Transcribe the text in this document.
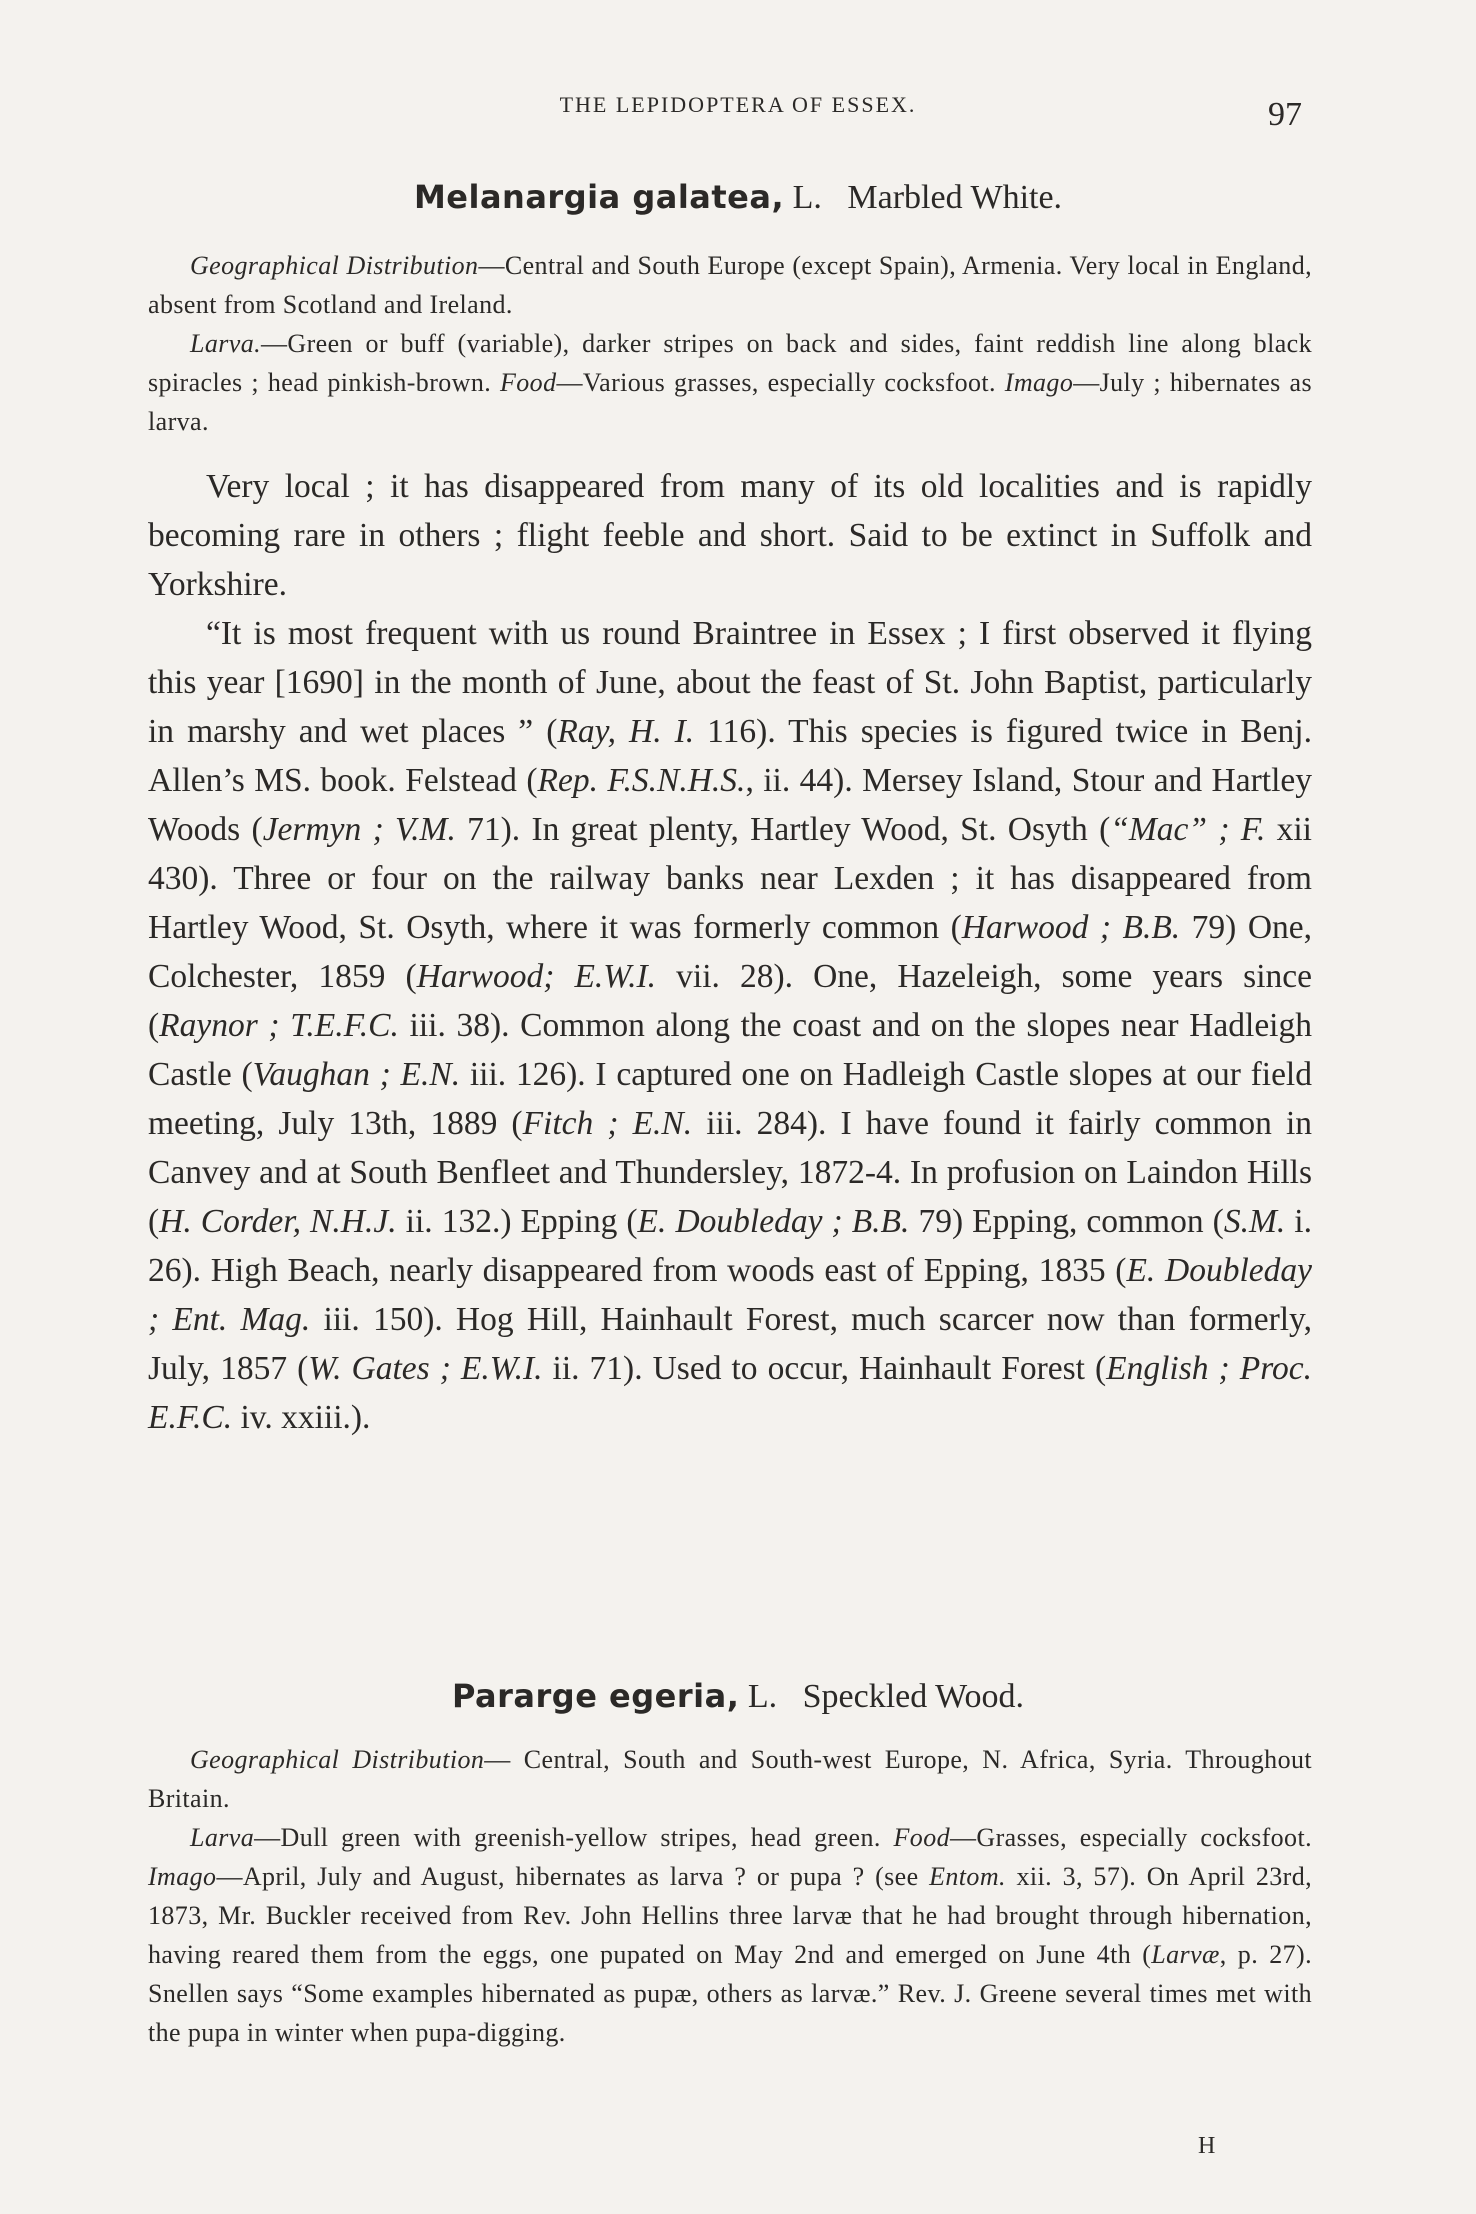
THE LEPIDOPTERA OF ESSEX.	97
Melanargia galatea, L. Marbled White.

Geographical Distribution—Central and South Europe (except Spain), Armenia. Very local in England, absent from Scotland and Ireland.

Larva.—Green or buff (variable), darker stripes on back and sides, faint reddish line along black spiracles ; head pinkish-brown. Food—Various grasses, especially cocksfoot. Imago—July ; hibernates as larva.

Very local ; it has disappeared from many of its old localities and is rapidly becoming rare in others ; flight feeble and short. Said to be extinct in Suffolk and Yorkshire.

“It is most frequent with us round Braintree in Essex ; I first observed it flying this year [1690] in the month of June, about the feast of St. John Baptist, particularly in marshy and wet places ” (Ray, H. I. 116). This species is figured twice in Benj. Allen’s MS. book. Felstead (Rep. F.S.N.H.S., ii. 44). Mersey Island, Stour and Hartley Woods (Jermyn ; V.M. 71). In great plenty, Hartley Wood, St. Osyth (“Mac” ; F. xii 430). Three or four on the railway banks near Lexden ; it has disappeared from Hartley Wood, St. Osyth, where it was formerly common (Harwood ; B.B. 79) One, Colchester, 1859 (Harwood; E.W.I. vii. 28). One, Hazeleigh, some years since (Raynor ; T.E.F.C. iii. 38). Common along the coast and on the slopes near Hadleigh Castle (Vaughan ; E.N. iii. 126). I captured one on Hadleigh Castle slopes at our field meeting, July 13th, 1889 (Fitch ; E.N. iii. 284). I have found it fairly common in Canvey and at South Benfleet and Thundersley, 1872-4. In profusion on Laindon Hills (H. Corder, N.H.J. ii. 132.) Epping (E. Doubleday ; B.B. 79) Epping, common (S.M. i. 26). High Beach, nearly disappeared from woods east of Epping, 1835 (E. Doubleday ; Ent. Mag. iii. 150). Hog Hill, Hainhault Forest, much scarcer now than formerly, July, 1857 (W. Gates ; E.W.I. ii. 71). Used to occur, Hainhault Forest (English ; Proc. E.F.C. iv. xxiii.).

Pararge egeria, L. Speckled Wood.

Geographical Distribution— Central, South and South-west Europe, N. Africa, Syria. Throughout Britain.

Larva—Dull green with greenish-yellow stripes, head green. Food—Grasses, especially cocksfoot. Imago—April, July and August, hibernates as larva ? or pupa ? (see Entom. xii. 3, 57). On April 23rd, 1873, Mr. Buckler received from Rev. John Hellins three larvæ that he had brought through hibernation, having reared them from the eggs, one pupated on May 2nd and emerged on June 4th (Larvæ, p. 27). Snellen says “Some examples hibernated as pupæ, others as larvæ.” Rev. J. Greene several times met with the pupa in winter when pupa-digging.

H
